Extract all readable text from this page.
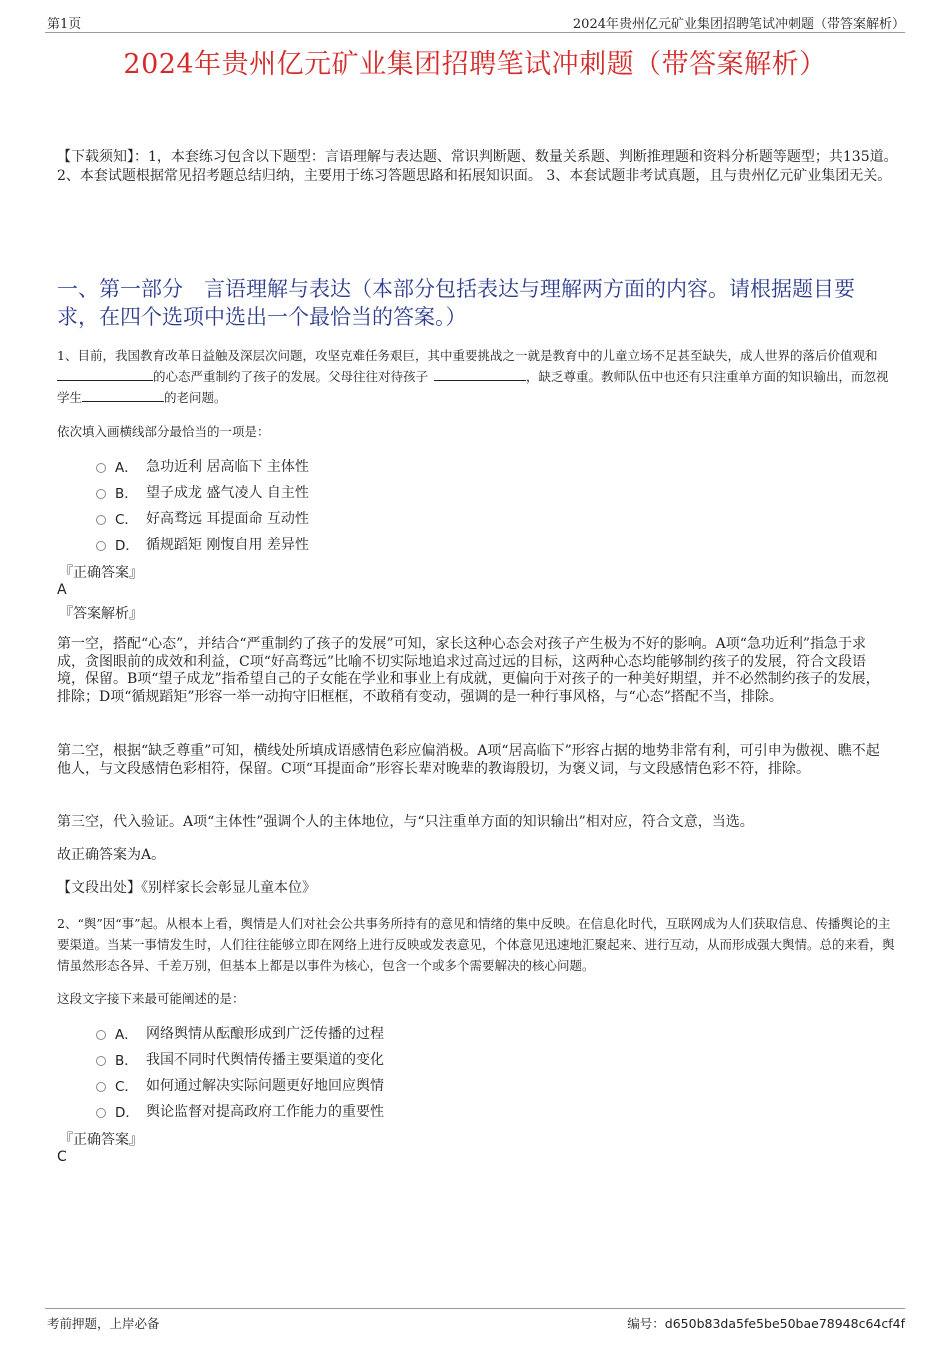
第1页	2024年贵州亿元矿业集团招聘笔试冲刺题（带答案解析）
2024年贵州亿元矿业集团招聘笔试冲刺题（带答案解析）
【下载须知】：1，本套练习包含以下题型：言语理解与表达题、常识判断题、数量关系题、判断推理题和资料分析题等题型；共135道。 2、本套试题根据常见招考题总结归纳，主要用于练习答题思路和拓展知识面。 3、本套试题非考试真题，且与贵州亿元矿业集团无关。
一、第一部分　言语理解与表达（本部分包括表达与理解两方面的内容。请根据题目要求，在四个选项中选出一个最恰当的答案。）
1、目前，我国教育改革日益触及深层次问题，攻坚克难任务艰巨，其中重要挑战之一就是教育中的儿童立场不足甚至缺失，成人世界的落后价值观和的心态严重制约了孩子的发展。父母往往对待孩子	，缺乏尊重。教师队伍中也还有只注重单方面的知识输出，而忽视学生	的老问题。
依次填入画横线部分最恰当的一项是：
A． 急功近利 居高临下 主体性
B． 望子成龙 盛气凌人 自主性
C． 好高骛远 耳提面命 互动性
D． 循规蹈矩 刚愎自用 差异性
『正确答案』
A
『答案解析』
第一空，搭配“心态”，并结合“严重制约了孩子的发展”可知，家长这种心态会对孩子产生极为不好的影响。A项“急功近利”指急于求成，贪图眼前的成效和利益，C项“好高骛远”比喻不切实际地追求过高过远的目标，这两种心态均能够制约孩子的发展，符合文段语境，保留。B项“望子成龙”指希望自己的子女能在学业和事业上有成就，更偏向于对孩子的一种美好期望，并不必然制约孩子的发展，排除；D项“循规蹈矩”形容一举一动拘守旧框框，不敢稍有变动，强调的是一种行事风格，与“心态”搭配不当，排除。
第二空，根据“缺乏尊重”可知，横线处所填成语感情色彩应偏消极。A项“居高临下”形容占据的地势非常有利，可引申为傲视、瞧不起他人，与文段感情色彩相符，保留。C项“耳提面命”形容长辈对晚辈的教诲殷切，为褒义词，与文段感情色彩不符，排除。
第三空，代入验证。A项“主体性”强调个人的主体地位，与“只注重单方面的知识输出”相对应，符合文意，当选。
故正确答案为A。
【文段出处】《别样家长会彰显儿童本位》
2、“舆”因“事”起。从根本上看，舆情是人们对社会公共事务所持有的意见和情绪的集中反映。在信息化时代，互联网成为人们获取信息、传播舆论的主要渠道。当某一事情发生时，人们往往能够立即在网络上进行反映或发表意见，个体意见迅速地汇聚起来、进行互动，从而形成强大舆情。总的来看，舆情虽然形态各异、千差万别，但基本上都是以事件为核心，包含一个或多个需要解决的核心问题。
这段文字接下来最可能阐述的是：
A． 网络舆情从酝酿形成到广泛传播的过程
B． 我国不同时代舆情传播主要渠道的变化
C． 如何通过解决实际问题更好地回应舆情
D． 舆论监督对提高政府工作能力的重要性
『正确答案』
C
考前押题，上岸必备	编号：d650b83da5fe5be50bae78948c64cf4f
